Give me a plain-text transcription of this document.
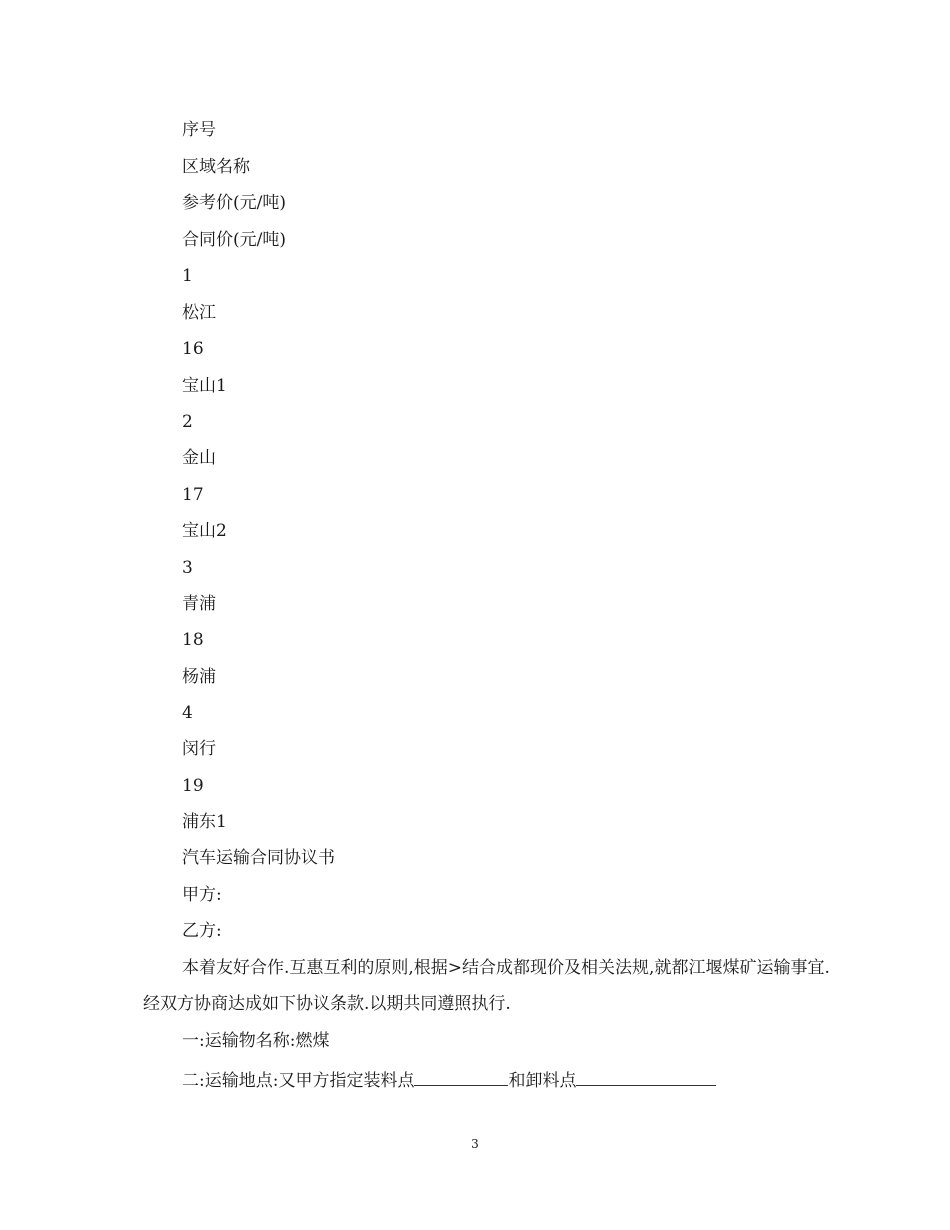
序号
区域名称
参考价(元/吨)
合同价(元/吨)
1
松江
16
宝山1
2
金山
17
宝山2
3
青浦
18
杨浦
4
闵行
19
浦东1
汽车运输合同协议书
甲方:
乙方:
本着友好合作.互惠互利的原则,根据>结合成都现价及相关法规,就都江堰煤矿运输事宜.经双方协商达成如下协议条款.以期共同遵照执行.
一:运输物名称:燃煤
二:运输地点:又甲方指定装料点	和卸料点
3
